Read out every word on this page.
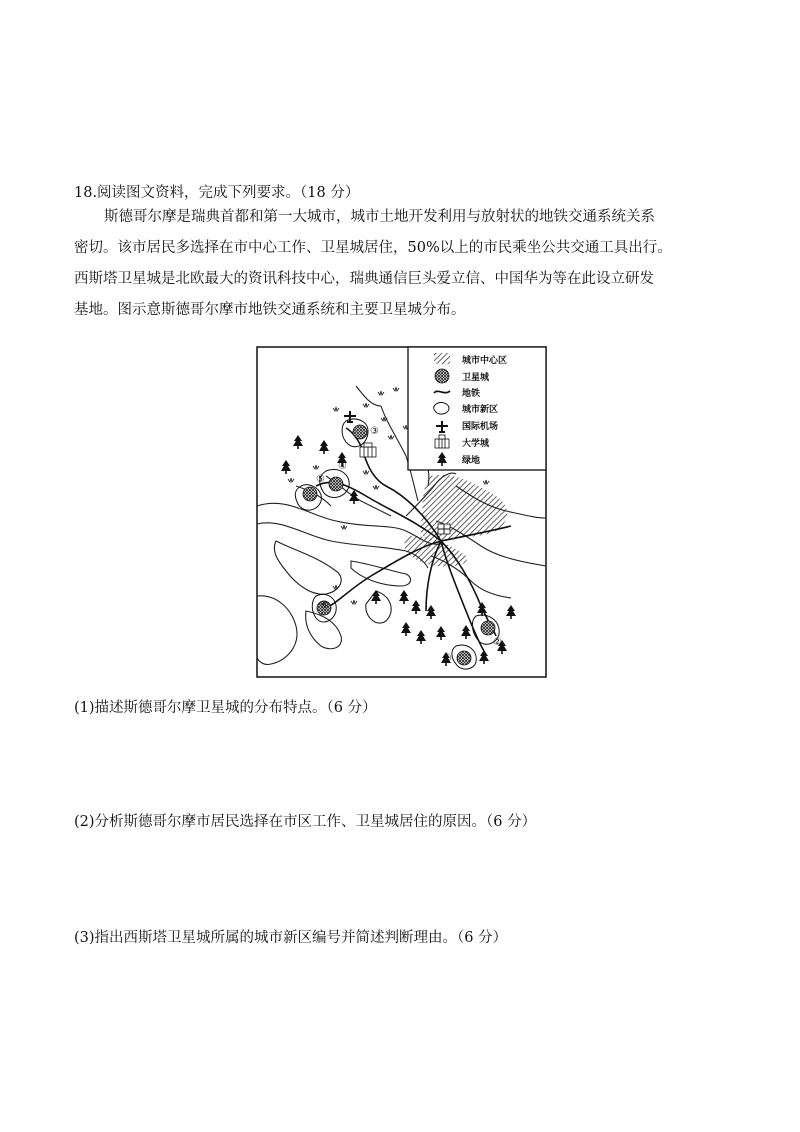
18.阅读图文资料，完成下列要求。（18 分）
斯德哥尔摩是瑞典首都和第一大城市，城市土地开发利用与放射状的地铁交通系统关系
密切。该市居民多选择在市中心工作、卫星城居住，50%以上的市民乘坐公共交通工具出行。
西斯塔卫星城是北欧最大的资讯科技中心，瑞典通信巨头爱立信、中国华为等在此设立研发
基地。图示意斯德哥尔摩市地铁交通系统和主要卫星城分布。
城市中心区
卫星城
地铁
城市新区
国际机场
大学城
绿地
①
②
③
④
⑤
⑥
(1)描述斯德哥尔摩卫星城的分布特点。（6 分）
(2)分析斯德哥尔摩市居民选择在市区工作、卫星城居住的原因。（6 分）
(3)指出西斯塔卫星城所属的城市新区编号并简述判断理由。（6 分）
